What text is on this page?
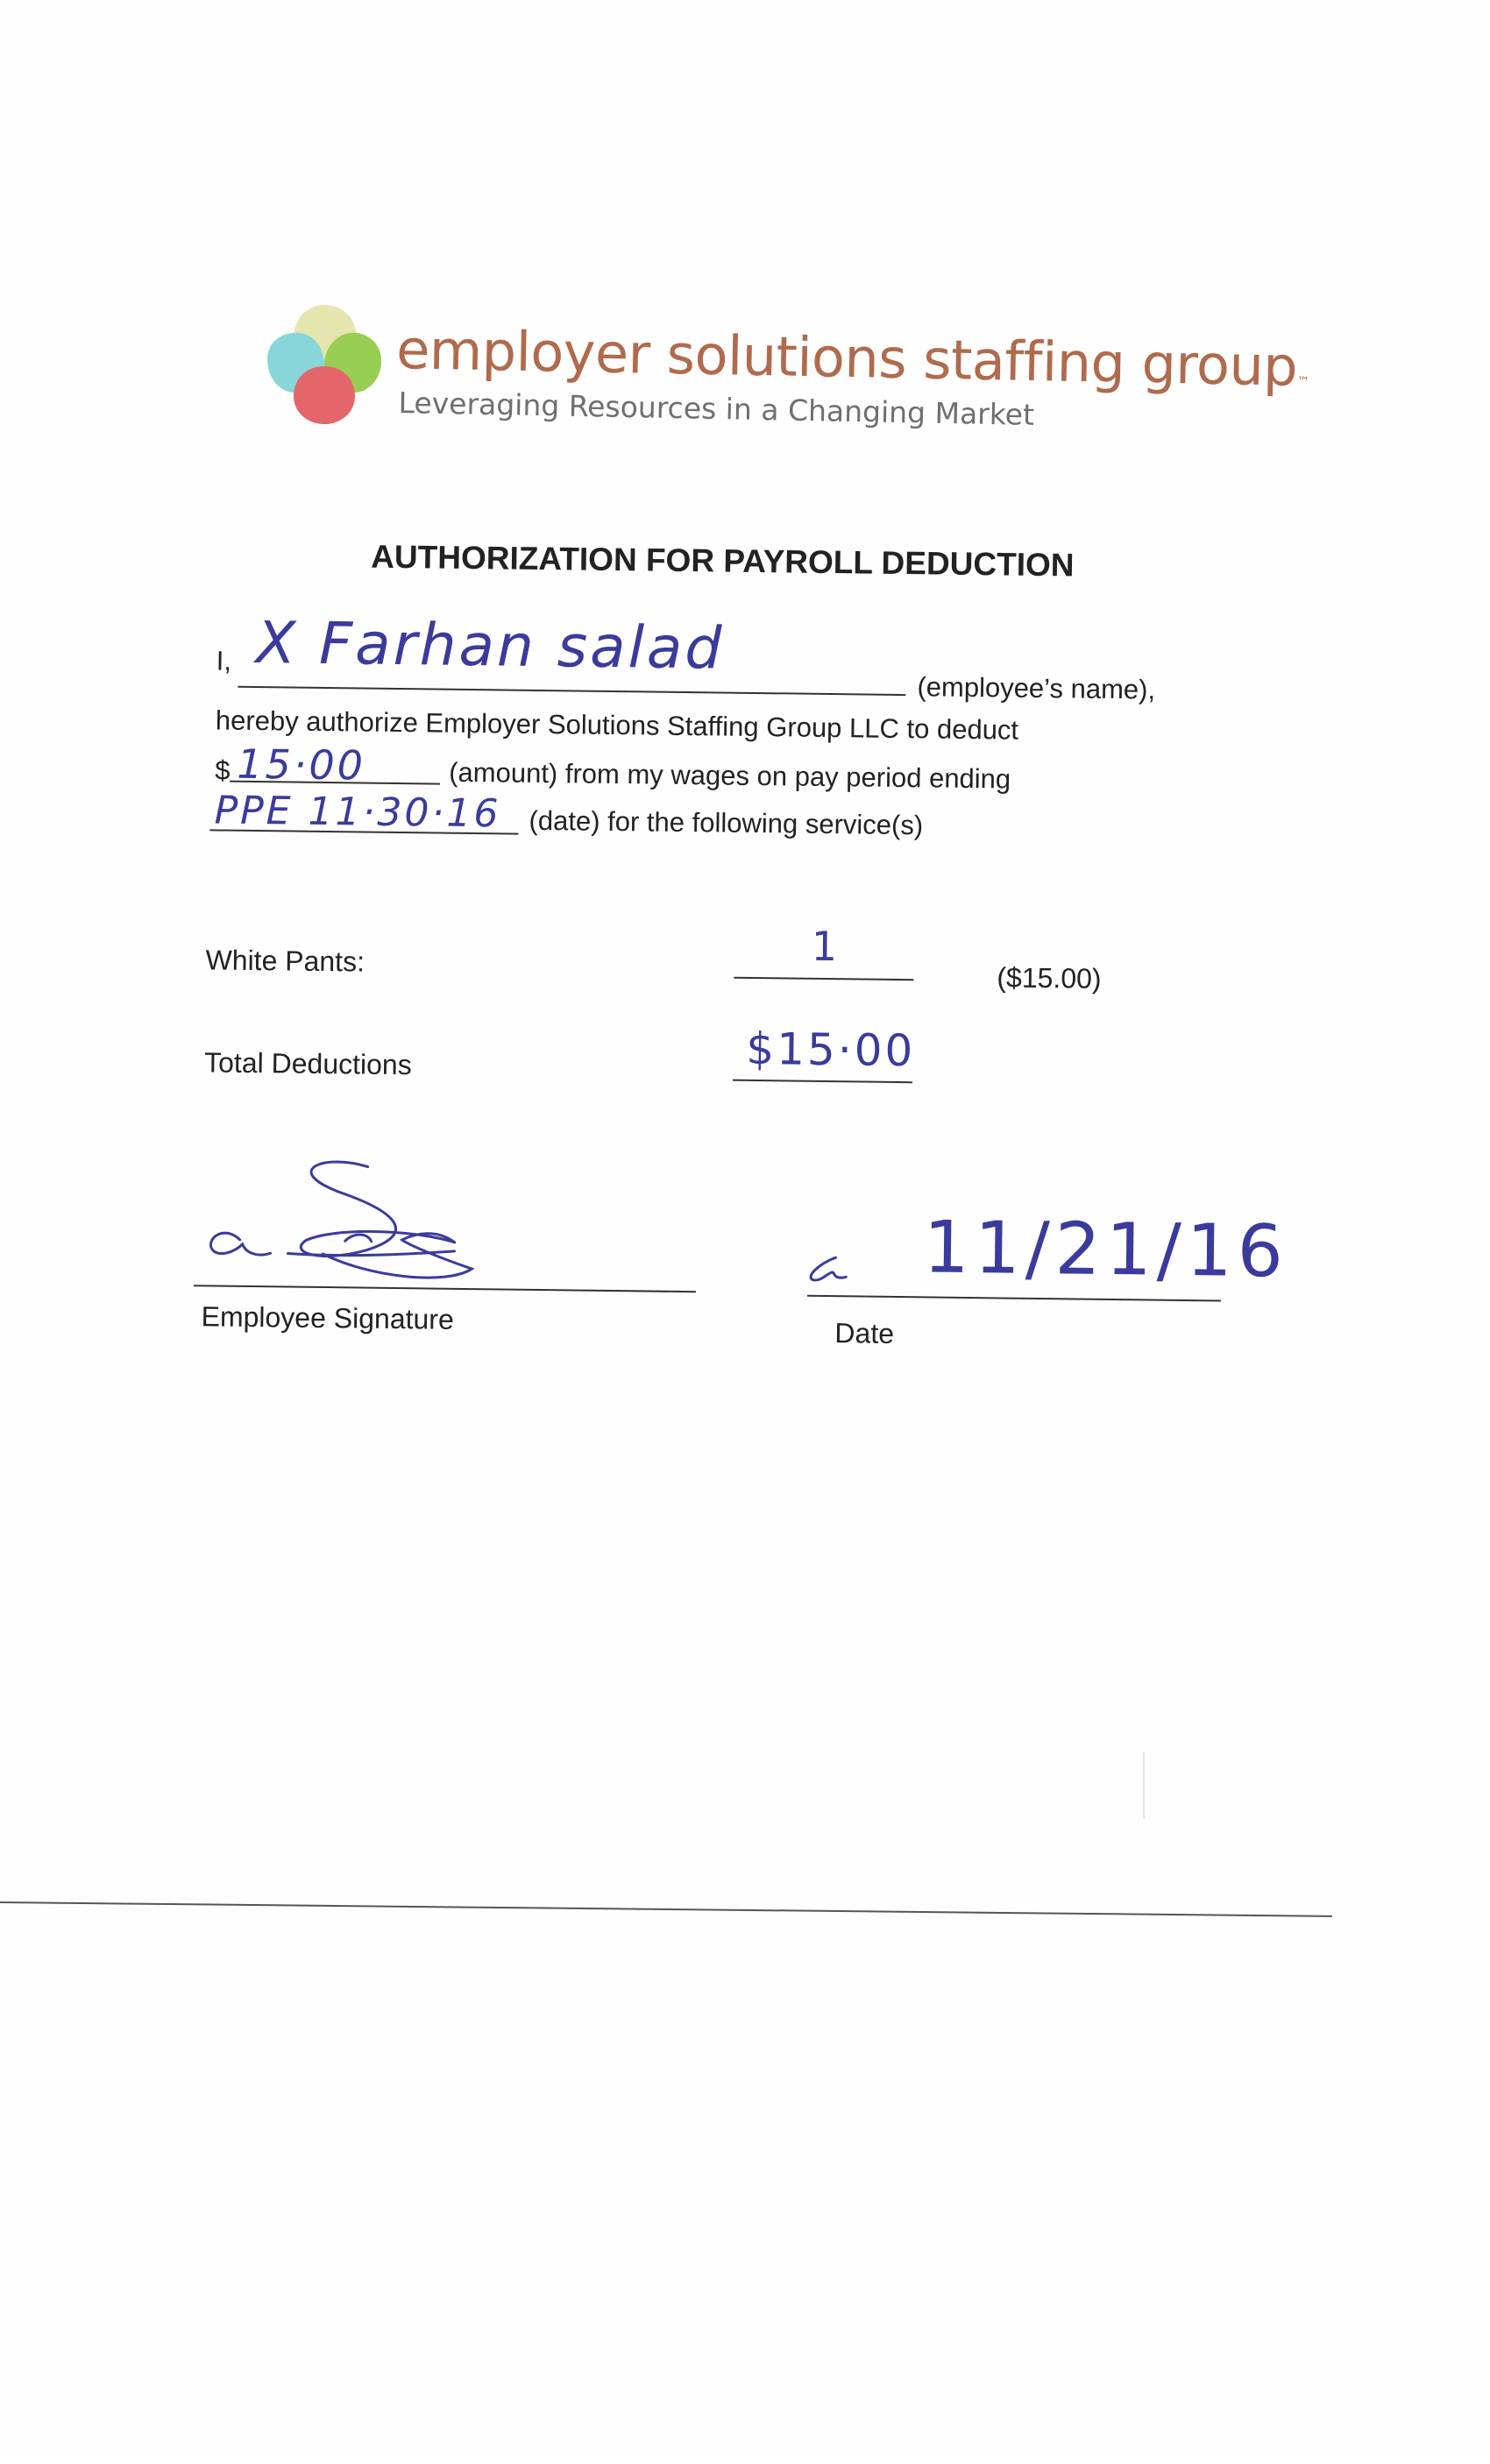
employer solutions staffing group™
Leveraging Resources in a Changing Market
AUTHORIZATION FOR PAYROLL DEDUCTION
I, X Farhan salad
(employee’s name),
hereby authorize Employer Solutions Staffing Group LLC to deduct
$ 15·00	(amount) from my wages on pay period ending
PPE 11·30·16 (date) for the following service(s)
White Pants:	1
($15.00)
Total Deductions	$15·00
Employee Signature
11/21/16
Date
